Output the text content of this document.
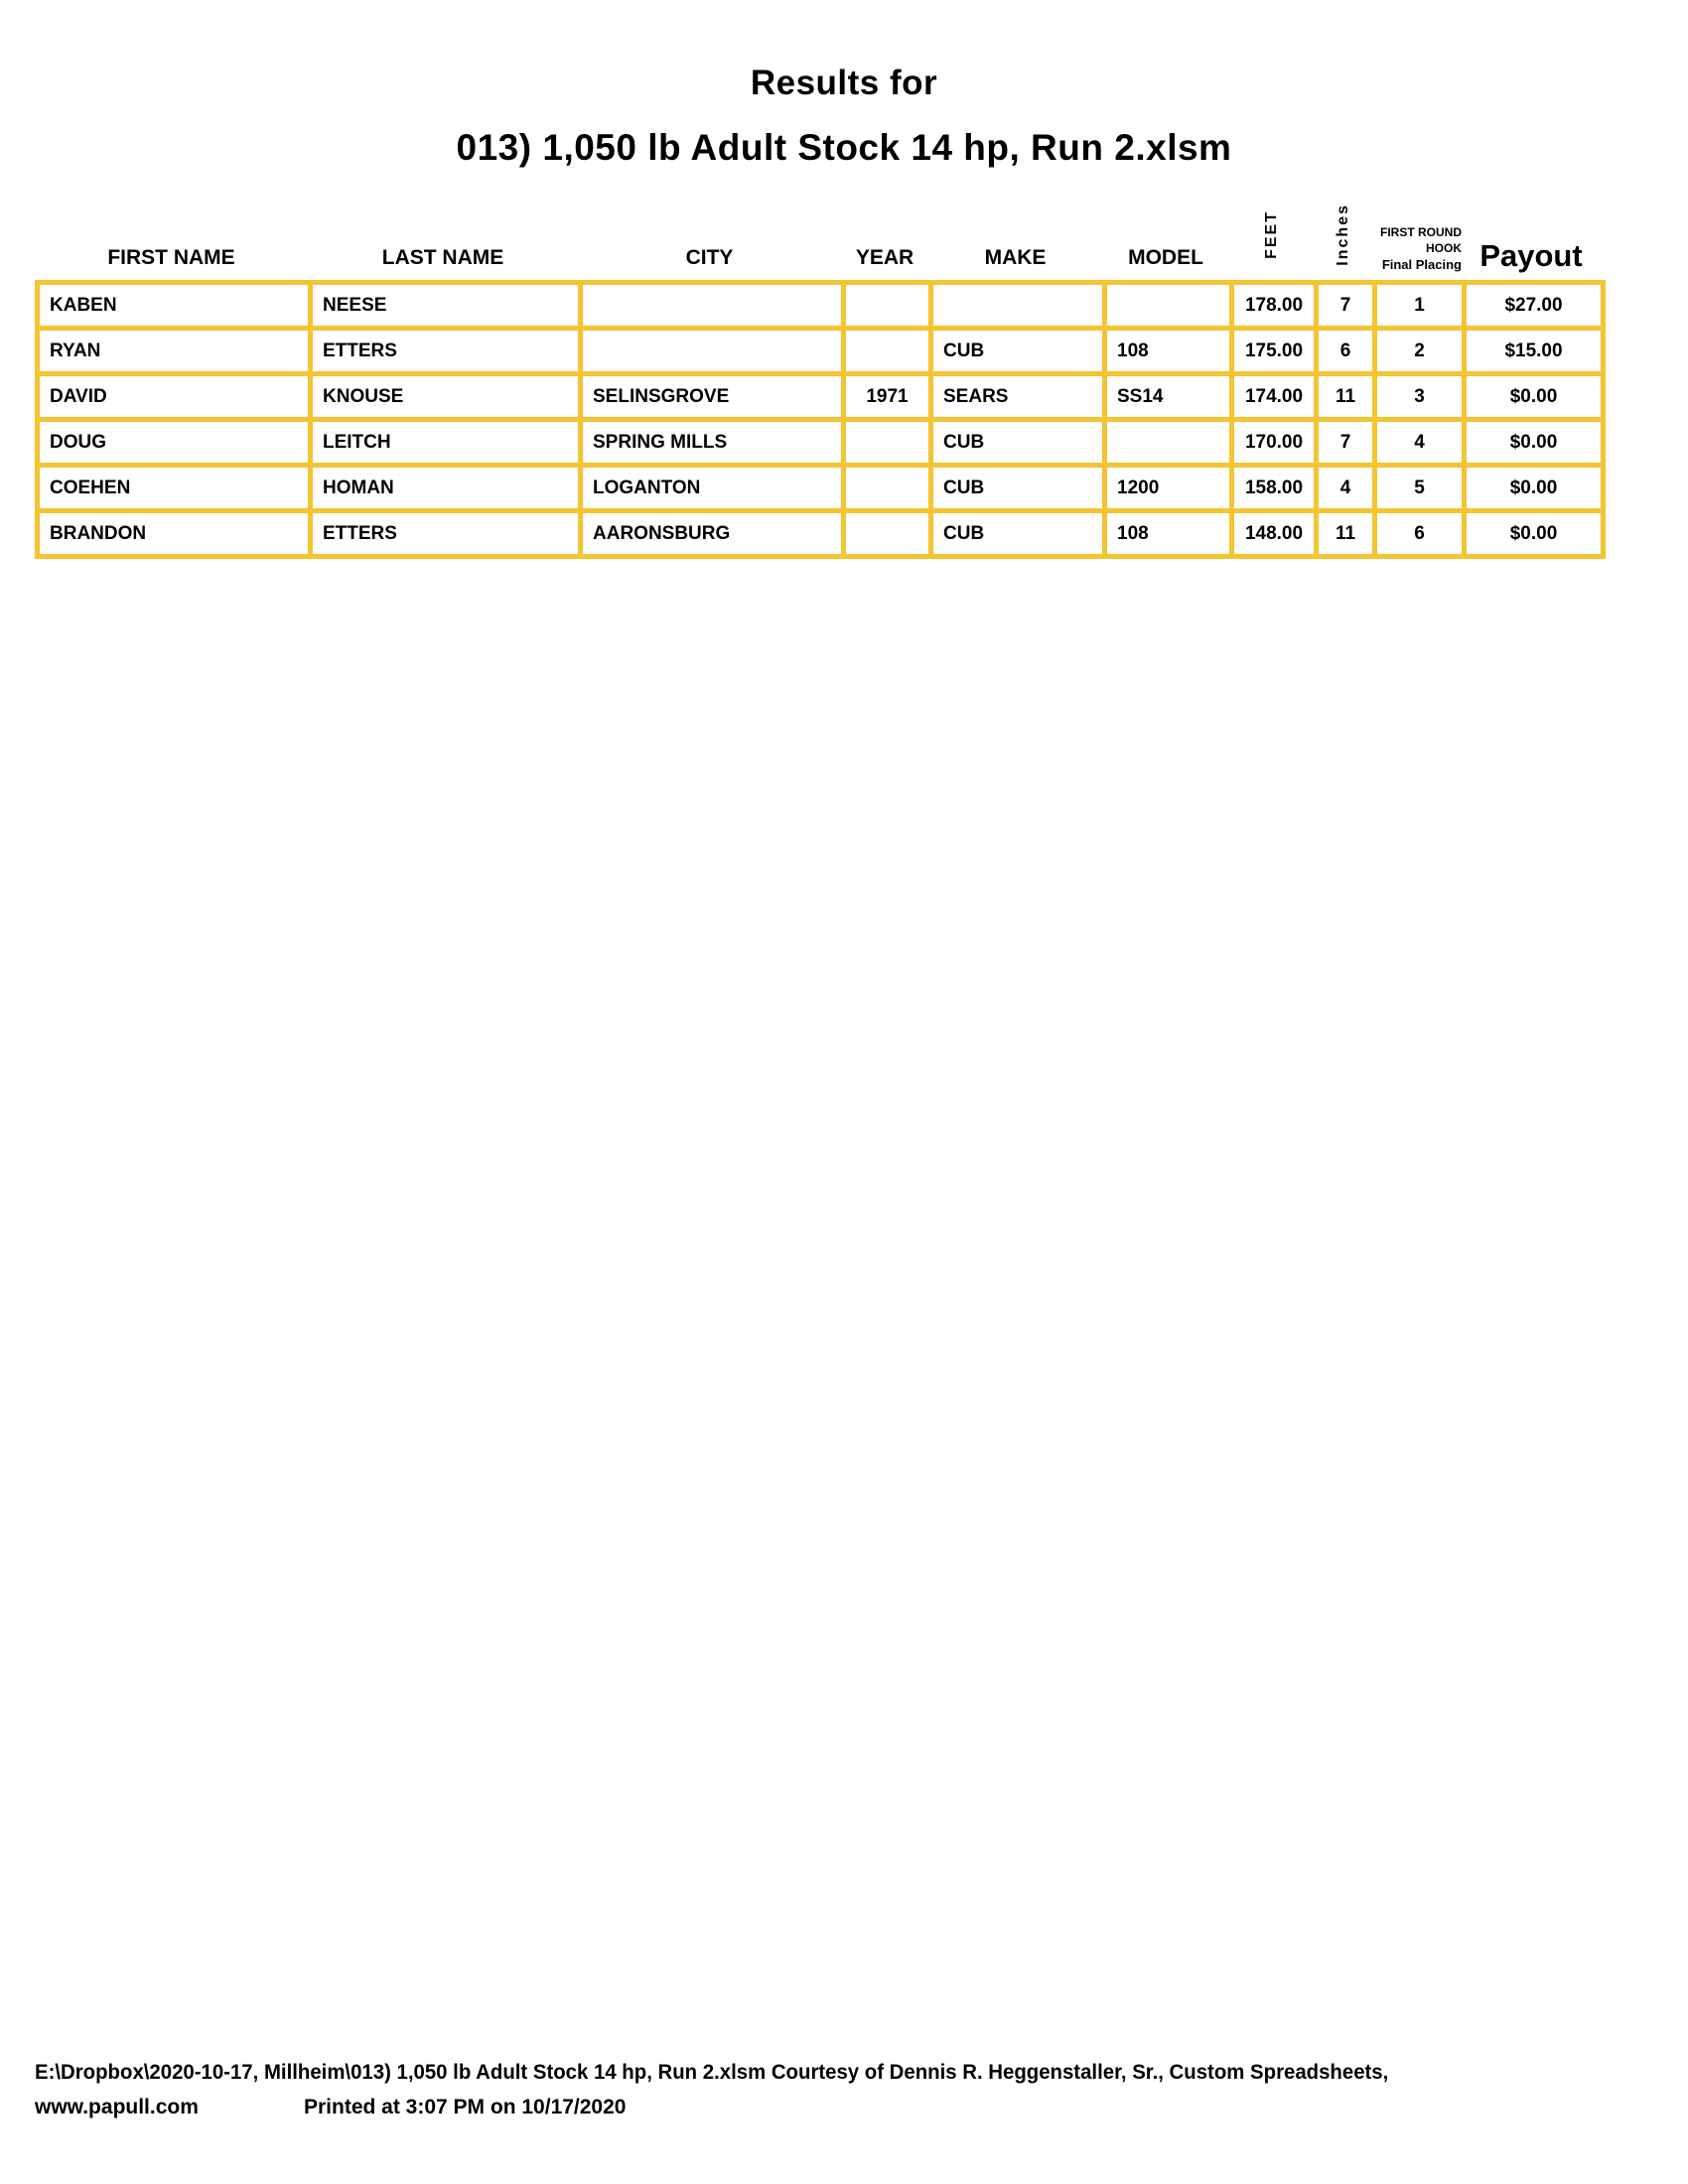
Results for
013) 1,050 lb Adult Stock 14 hp, Run 2.xlsm
FIRST NAME	LAST NAME	CITY	YEAR	MAKE	MODEL	FEET	Inches FIRST ROUND
HOOK
Final Placing Payout
KABEN	NEESE					178.00	7	1	$27.00
RYAN	ETTERS			CUB	108	175.00	6	2	$15.00
DAVID	KNOUSE	SELINSGROVE	1971	SEARS	SS14	174.00	11	3	$0.00
DOUG	LEITCH	SPRING MILLS		CUB		170.00	7	4	$0.00
COEHEN	HOMAN	LOGANTON		CUB	1200	158.00	4	5	$0.00
BRANDON	ETTERS	AARONSBURG		CUB	108	148.00	11	6	$0.00
E:\Dropbox\2020-10-17, Millheim\013) 1,050 lb Adult Stock 14 hp, Run 2.xlsm Courtesy of Dennis R. Heggenstaller, Sr., Custom Spreadsheets,
www.papull.com	Printed at 3:07 PM on 10/17/2020
